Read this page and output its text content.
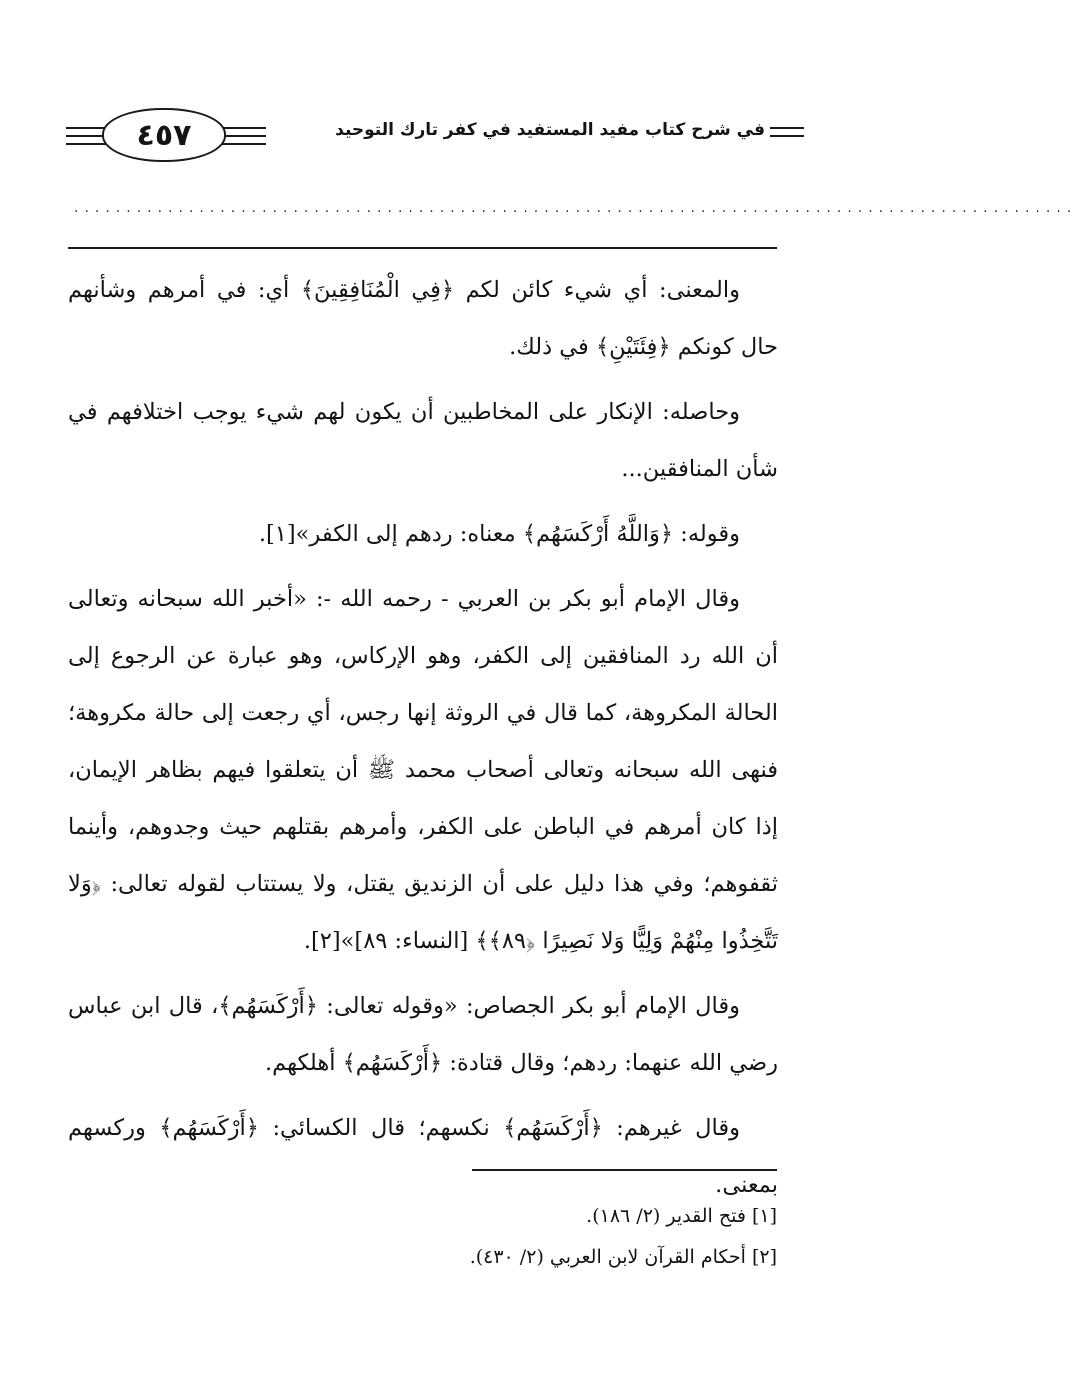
٤٥٧	في شرح كتاب مفيد المستفيد في كفر تارك التوحيد
................................................................................................

والمعنى: أي شيء كائن لكم ﴿فِي الْمُنَافِقِينَ﴾ أي: في أمرهم وشأنهم حال كونكم ﴿فِئَتَيْنِ﴾ في ذلك.

وحاصله: الإنكار على المخاطبين أن يكون لهم شيء يوجب اختلافهم في شأن المنافقين...

وقوله: ﴿وَاللَّهُ أَرْكَسَهُم﴾ معناه: ردهم إلى الكفر»[١].

وقال الإمام أبو بكر بن العربي - رحمه الله -: «أخبر الله سبحانه وتعالى أن الله رد المنافقين إلى الكفر، وهو الإركاس، وهو عبارة عن الرجوع إلى الحالة المكروهة، كما قال في الروثة إنها رجس، أي رجعت إلى حالة مكروهة؛ فنهى الله سبحانه وتعالى أصحاب محمد ﷺ أن يتعلقوا فيهم بظاهر الإيمان، إذا كان أمرهم في الباطن على الكفر، وأمرهم بقتلهم حيث وجدوهم، وأينما ثقفوهم؛ وفي هذا دليل على أن الزنديق يقتل، ولا يستتاب لقوله تعالى: ﴿وَلا تَتَّخِذُوا مِنْهُمْ وَلِيًّا وَلا نَصِيرًا ﴿٨٩﴾﴾ [النساء: ٨٩]»[٢].

وقال الإمام أبو بكر الجصاص: «وقوله تعالى: ﴿أَرْكَسَهُم﴾، قال ابن عباس رضي الله عنهما: ردهم؛ وقال قتادة: ﴿أَرْكَسَهُم﴾ أهلكهم.

وقال غيرهم: ﴿أَرْكَسَهُم﴾ نكسهم؛ قال الكسائي: ﴿أَرْكَسَهُم﴾ وركسهم بمعنى.

[١] فتح القدير (٢/ ١٨٦).
[٢] أحكام القرآن لابن العربي (٢/ ٤٣٠).
